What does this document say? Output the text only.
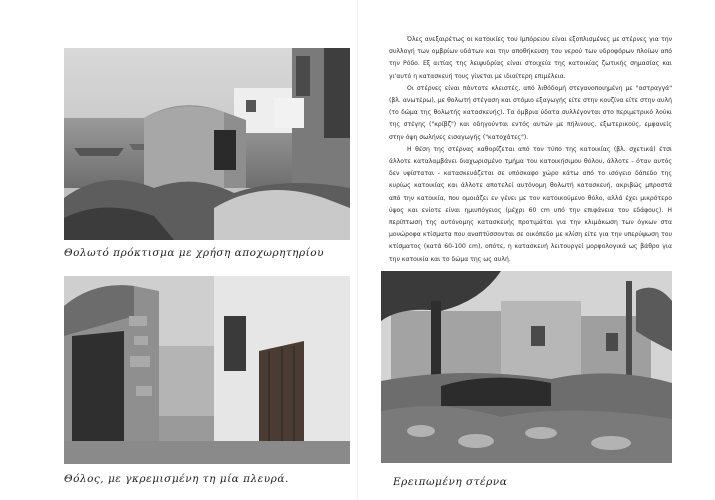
Θολωτό πρόκτισμα με χρήση αποχωρητηρίου
Θόλος, με γκρεμισμένη τη μία πλευρά.	Ερειπωμένη στέρνα

Όλες ανεξαιρέτως οι κατοικίες του Ιμπόρειου είναι εξοπλισμένες με στέρνες για την συλλογή των ομβρίων υδάτων και την αποθήκευση του νερού των υδροφόρων πλοίων από την Ρόδο. Εξ αιτίας της λειψυδρίας είναι στοιχεία της κατοικίας ζωτικής σημασίας και γι'αυτό η κατασκευή τους γίνεται με ιδιαίτερη επιμέλεια.

Οι στέρνες είναι πάντοτε κλειστές, από λιθόδομή στεγανοποιημένη με "αστραγγά" (βλ. ανωτέρω), με θολωτή στέγαση και στόμιο εξαγωγής είτε στην κουζίνα είτε στην αυλή (το δώμα της θολωτής κατασκευής). Τα όμβρια ύδατα συλλέγονται στο περιμετρικό λούκι της στέγης ("κρίβζ") και οδηγούνται εντός αυτών με πήλινους, εξωτερικούς, εμφανείς στην όψη σωλήνες εισαγωγής ("κατοχάτες").

Η θέση της στέρνας καθορίζεται από τον τύπο της κατοικίας (βλ. σχετικά) έτσι άλλοτε καταλαμβάνει διαχωρισμένο τμήμα του κατοικήσιμου θόλου, άλλοτε - όταν αυτός δεν υφίσταται - κατασκευάζεται σε υπόσκαφο χώρο κάτω από το ισόγειο δάπεδο της κυρίως κατοικίας και άλλοτε αποτελεί αυτόνομη θολωτή κατασκευή, ακριβώς μπροστά από την κατοικία, που ομοιάζει εν γένει με τον κατοικούμενο θόλο, αλλά έχει μικρότερο ύψος και ενίοτε είναι ημιυπόγειος (μέχρι 60 cm υπό την επιφάνεια του εδάφους). Η περίπτωση της αυτόνομης κατασκευής προτιμάται για την κλιμάκωση των όγκων στα μονώροφα κτίσματα που αναπτύσσονται σε οικόπεδο με κλίση είτε για την υπερύψωση του κτίσματος (κατά 60-100 cm), οπότε, η κατασκευή λειτουργεί μορφολογικά ως βάθρο για την κατοικία και το δώμα της ως αυλή.
